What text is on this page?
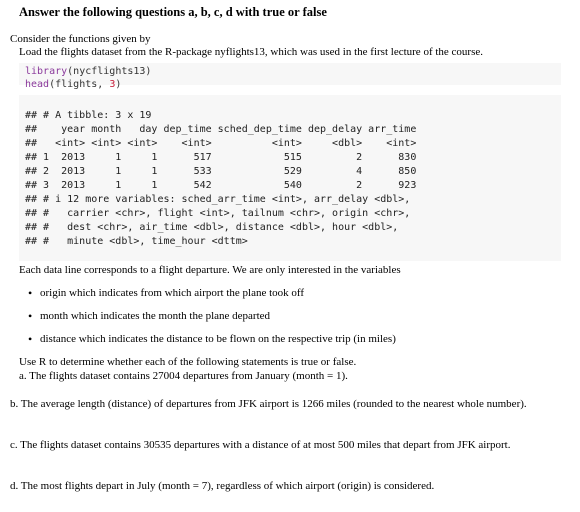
Answer the following questions a, b, c, d with true or false
Consider the functions given by
Load the flights dataset from the R-package nyflights13, which was used in the first lecture of the course.
library(nycflights13)
head(flights, 3)
## # A tibble: 3 x 19
##    year month   day dep_time sched_dep_time dep_delay arr_time
##   <int> <int> <int>    <int>          <int>     <dbl>    <int>
## 1  2013     1     1      517            515         2      830
## 2  2013     1     1      533            529         4      850
## 3  2013     1     1      542            540         2      923
## # i 12 more variables: sched_arr_time <int>, arr_delay <dbl>,
## #   carrier <chr>, flight <int>, tailnum <chr>, origin <chr>,
## #   dest <chr>, air_time <dbl>, distance <dbl>, hour <dbl>,
## #   minute <dbl>, time_hour <dttm>
Each data line corresponds to a flight departure. We are only interested in the variables
• origin which indicates from which airport the plane took off
• month which indicates the month the plane departed
• distance which indicates the distance to be flown on the respective trip (in miles)
Use R to determine whether each of the following statements is true or false.
a. The flights dataset contains 27004 departures from January (month = 1).
b. The average length (distance) of departures from JFK airport is 1266 miles (rounded to the nearest whole number).
c. The flights dataset contains 30535 departures with a distance of at most 500 miles that depart from JFK airport.
d. The most flights depart in July (month = 7), regardless of which airport (origin) is considered.
